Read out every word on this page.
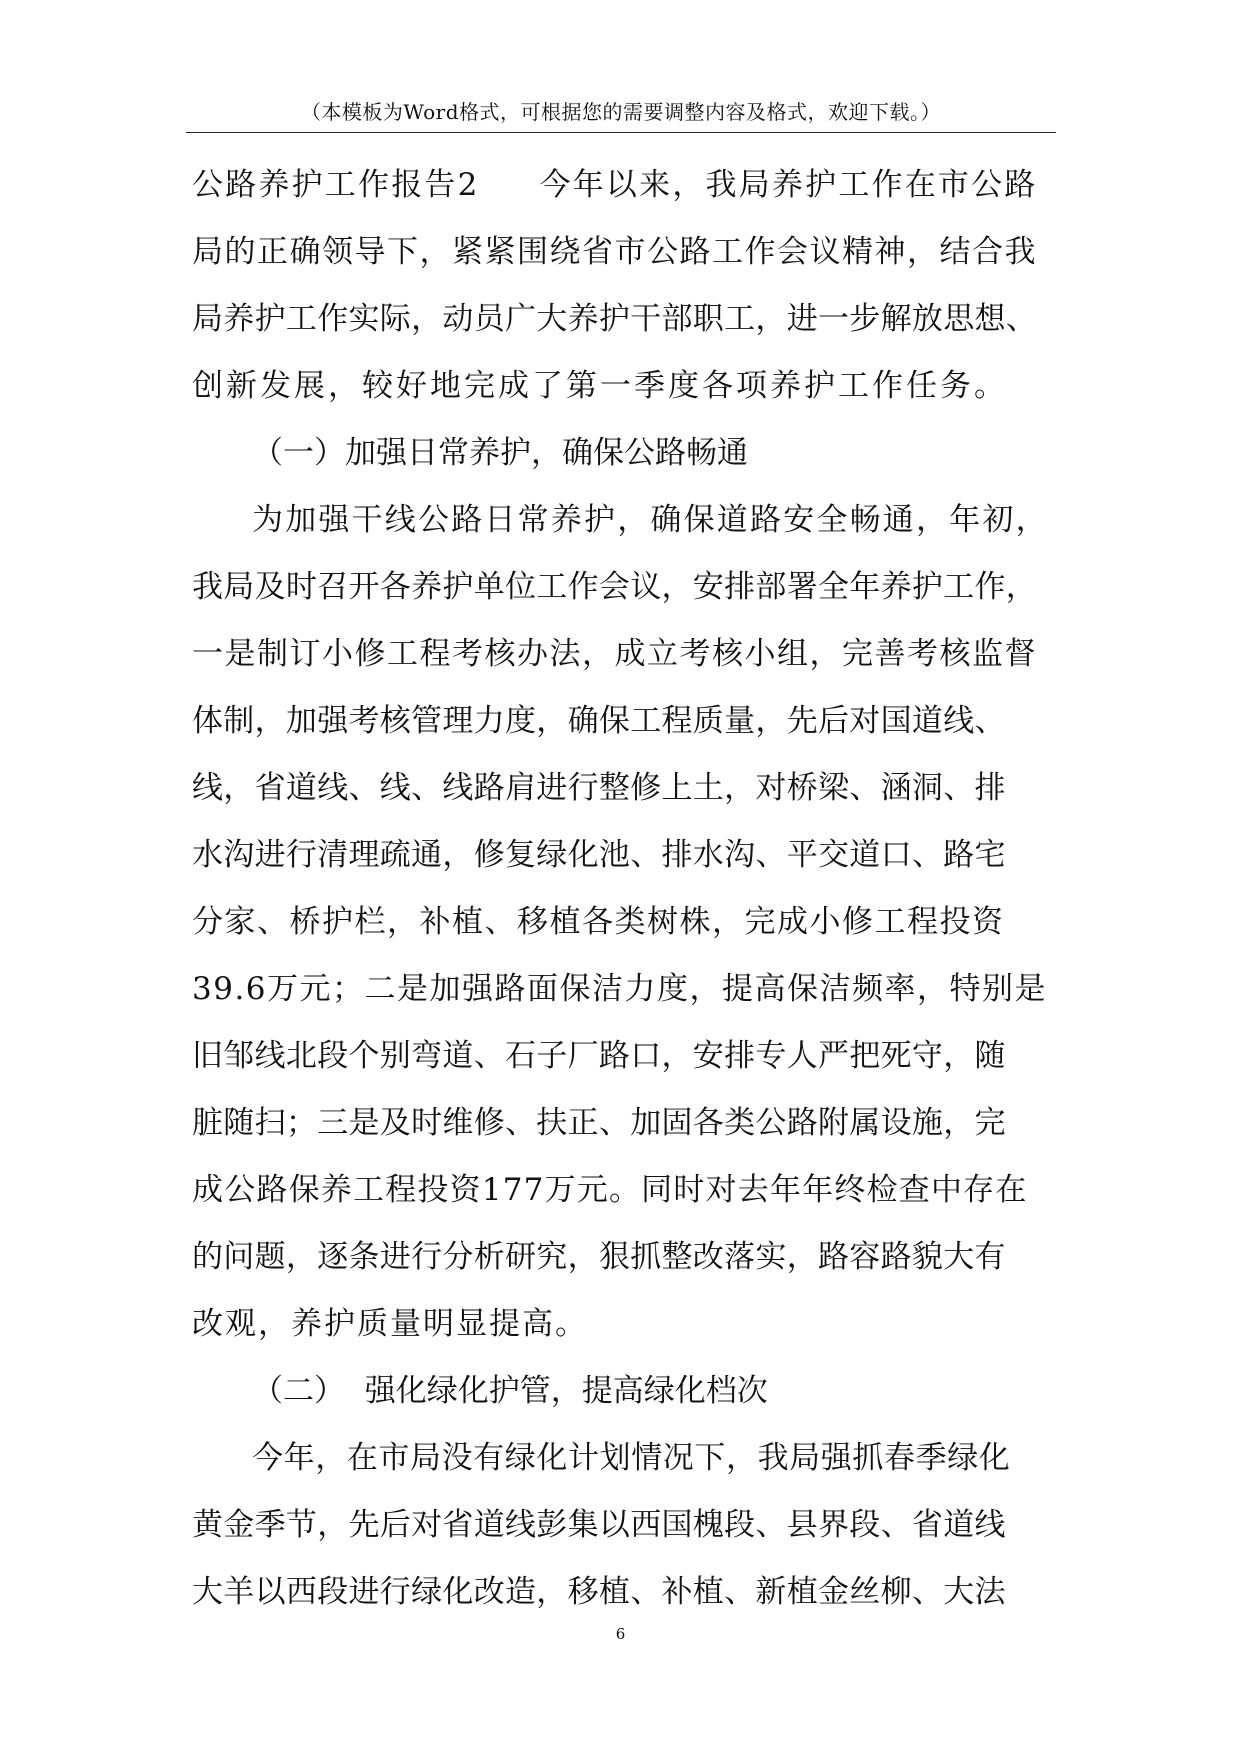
（本模板为Word格式，可根据您的需要调整内容及格式，欢迎下载。）
公路养护工作报告2 今年以来，我局养护工作在市公路
局的正确领导下，紧紧围绕省市公路工作会议精神，结合我
局养护工作实际，动员广大养护干部职工，进一步解放思想、
创新发展，较好地完成了第一季度各项养护工作任务。
（一）加强日常养护，确保公路畅通
为加强干线公路日常养护，确保道路安全畅通，年初，
我局及时召开各养护单位工作会议，安排部署全年养护工作，
一是制订小修工程考核办法，成立考核小组，完善考核监督
体制，加强考核管理力度，确保工程质量，先后对国道线、
线，省道线、线、线路肩进行整修上土，对桥梁、涵洞、排
水沟进行清理疏通，修复绿化池、排水沟、平交道口、路宅
分家、桥护栏，补植、移植各类树株，完成小修工程投资
39.6万元；二是加强路面保洁力度，提高保洁频率，特别是
旧邹线北段个别弯道、石子厂路口，安排专人严把死守，随
脏随扫；三是及时维修、扶正、加固各类公路附属设施，完
成公路保养工程投资177万元。同时对去年年终检查中存在
的问题，逐条进行分析研究，狠抓整改落实，路容路貌大有
改观，养护质量明显提高。
（二）  强化绿化护管，提高绿化档次
今年，在市局没有绿化计划情况下，我局强抓春季绿化
黄金季节，先后对省道线彭集以西国槐段、县界段、省道线
大羊以西段进行绿化改造，移植、补植、新植金丝柳、大法
6
